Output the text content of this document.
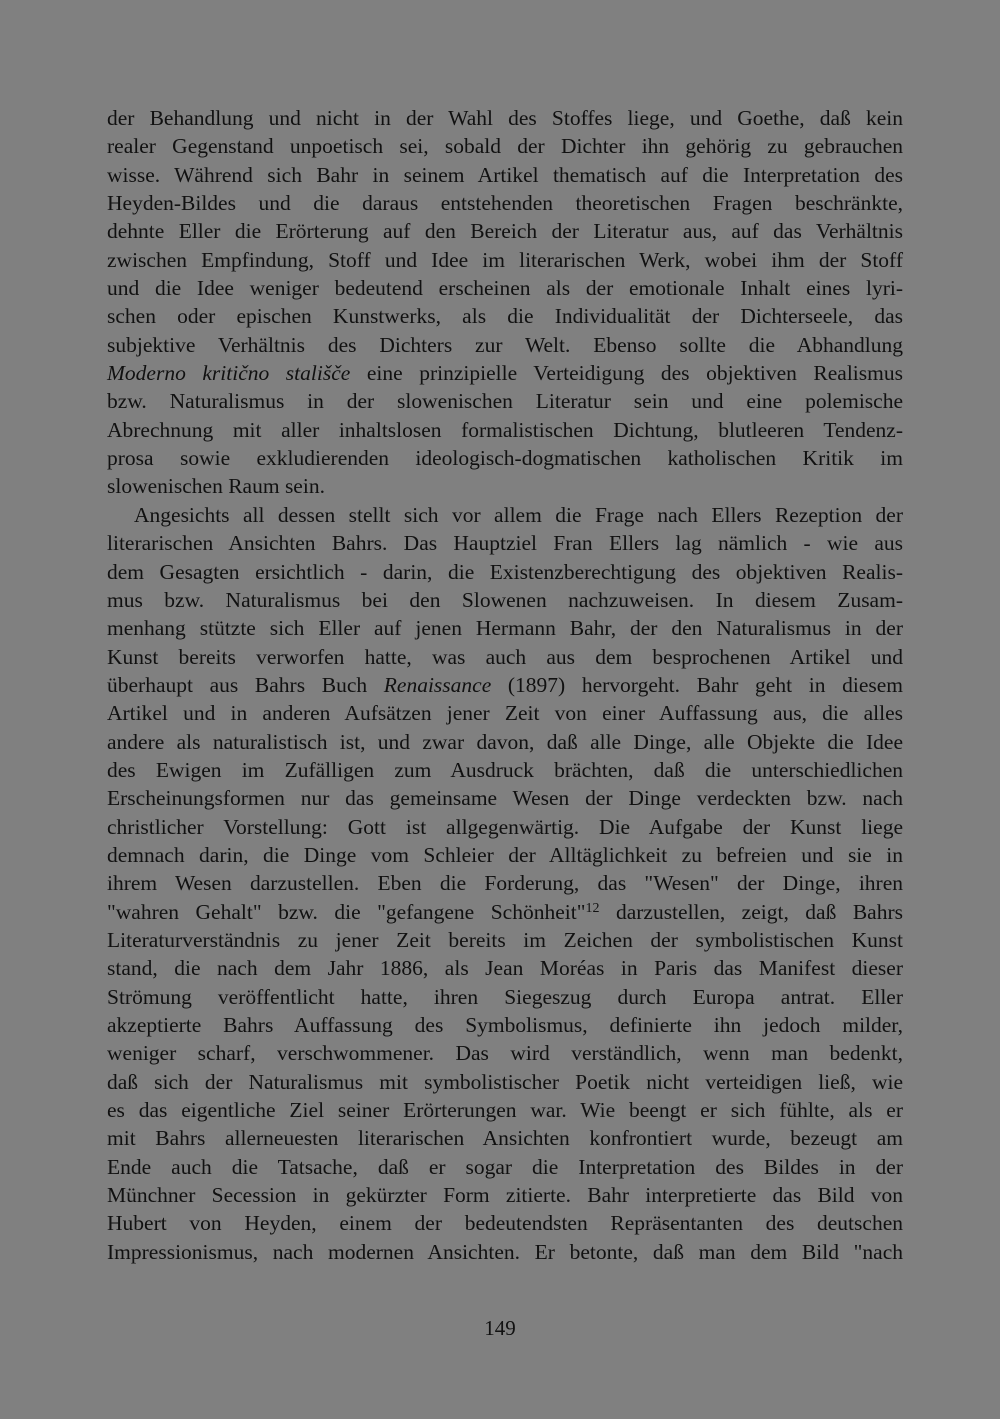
der Behandlung und nicht in der Wahl des Stoffes liege, und Goethe, daß kein
realer Gegenstand unpoetisch sei, sobald der Dichter ihn gehörig zu gebrauchen
wisse. Während sich Bahr in seinem Artikel thematisch auf die Interpretation des
Heyden-Bildes und die daraus entstehenden theoretischen Fragen beschränkte,
dehnte Eller die Erörterung auf den Bereich der Literatur aus, auf das Verhältnis
zwischen Empfindung, Stoff und Idee im literarischen Werk, wobei ihm der Stoff
und die Idee weniger bedeutend erscheinen als der emotionale Inhalt eines lyri-
schen oder epischen Kunstwerks, als die Individualität der Dichterseele, das
subjektive Verhältnis des Dichters zur Welt. Ebenso sollte die Abhandlung
Moderno kritično stališče eine prinzipielle Verteidigung des objektiven Realismus
bzw. Naturalismus in der slowenischen Literatur sein und eine polemische
Abrechnung mit aller inhaltslosen formalistischen Dichtung, blutleeren Tendenz-
prosa sowie exkludierenden ideologisch-dogmatischen katholischen Kritik im
slowenischen Raum sein.
Angesichts all dessen stellt sich vor allem die Frage nach Ellers Rezeption der
literarischen Ansichten Bahrs. Das Hauptziel Fran Ellers lag nämlich - wie aus
dem Gesagten ersichtlich - darin, die Existenzberechtigung des objektiven Realis-
mus bzw. Naturalismus bei den Slowenen nachzuweisen. In diesem Zusam-
menhang stützte sich Eller auf jenen Hermann Bahr, der den Naturalismus in der
Kunst bereits verworfen hatte, was auch aus dem besprochenen Artikel und
überhaupt aus Bahrs Buch Renaissance (1897) hervorgeht. Bahr geht in diesem
Artikel und in anderen Aufsätzen jener Zeit von einer Auffassung aus, die alles
andere als naturalistisch ist, und zwar davon, daß alle Dinge, alle Objekte die Idee
des Ewigen im Zufälligen zum Ausdruck brächten, daß die unterschiedlichen
Erscheinungsformen nur das gemeinsame Wesen der Dinge verdeckten bzw. nach
christlicher Vorstellung: Gott ist allgegenwärtig. Die Aufgabe der Kunst liege
demnach darin, die Dinge vom Schleier der Alltäglichkeit zu befreien und sie in
ihrem Wesen darzustellen. Eben die Forderung, das "Wesen" der Dinge, ihren
"wahren Gehalt" bzw. die "gefangene Schönheit"$^{12}$ darzustellen, zeigt, daß Bahrs
Literaturverständnis zu jener Zeit bereits im Zeichen der symbolistischen Kunst
stand, die nach dem Jahr 1886, als Jean Moréas in Paris das Manifest dieser
Strömung veröffentlicht hatte, ihren Siegeszug durch Europa antrat. Eller
akzeptierte Bahrs Auffassung des Symbolismus, definierte ihn jedoch milder,
weniger scharf, verschwommener. Das wird verständlich, wenn man bedenkt,
daß sich der Naturalismus mit symbolistischer Poetik nicht verteidigen ließ, wie
es das eigentliche Ziel seiner Erörterungen war. Wie beengt er sich fühlte, als er
mit Bahrs allerneuesten literarischen Ansichten konfrontiert wurde, bezeugt am
Ende auch die Tatsache, daß er sogar die Interpretation des Bildes in der
Münchner Secession in gekürzter Form zitierte. Bahr interpretierte das Bild von
Hubert von Heyden, einem der bedeutendsten Repräsentanten des deutschen
Impressionismus, nach modernen Ansichten. Er betonte, daß man dem Bild "nach
149
